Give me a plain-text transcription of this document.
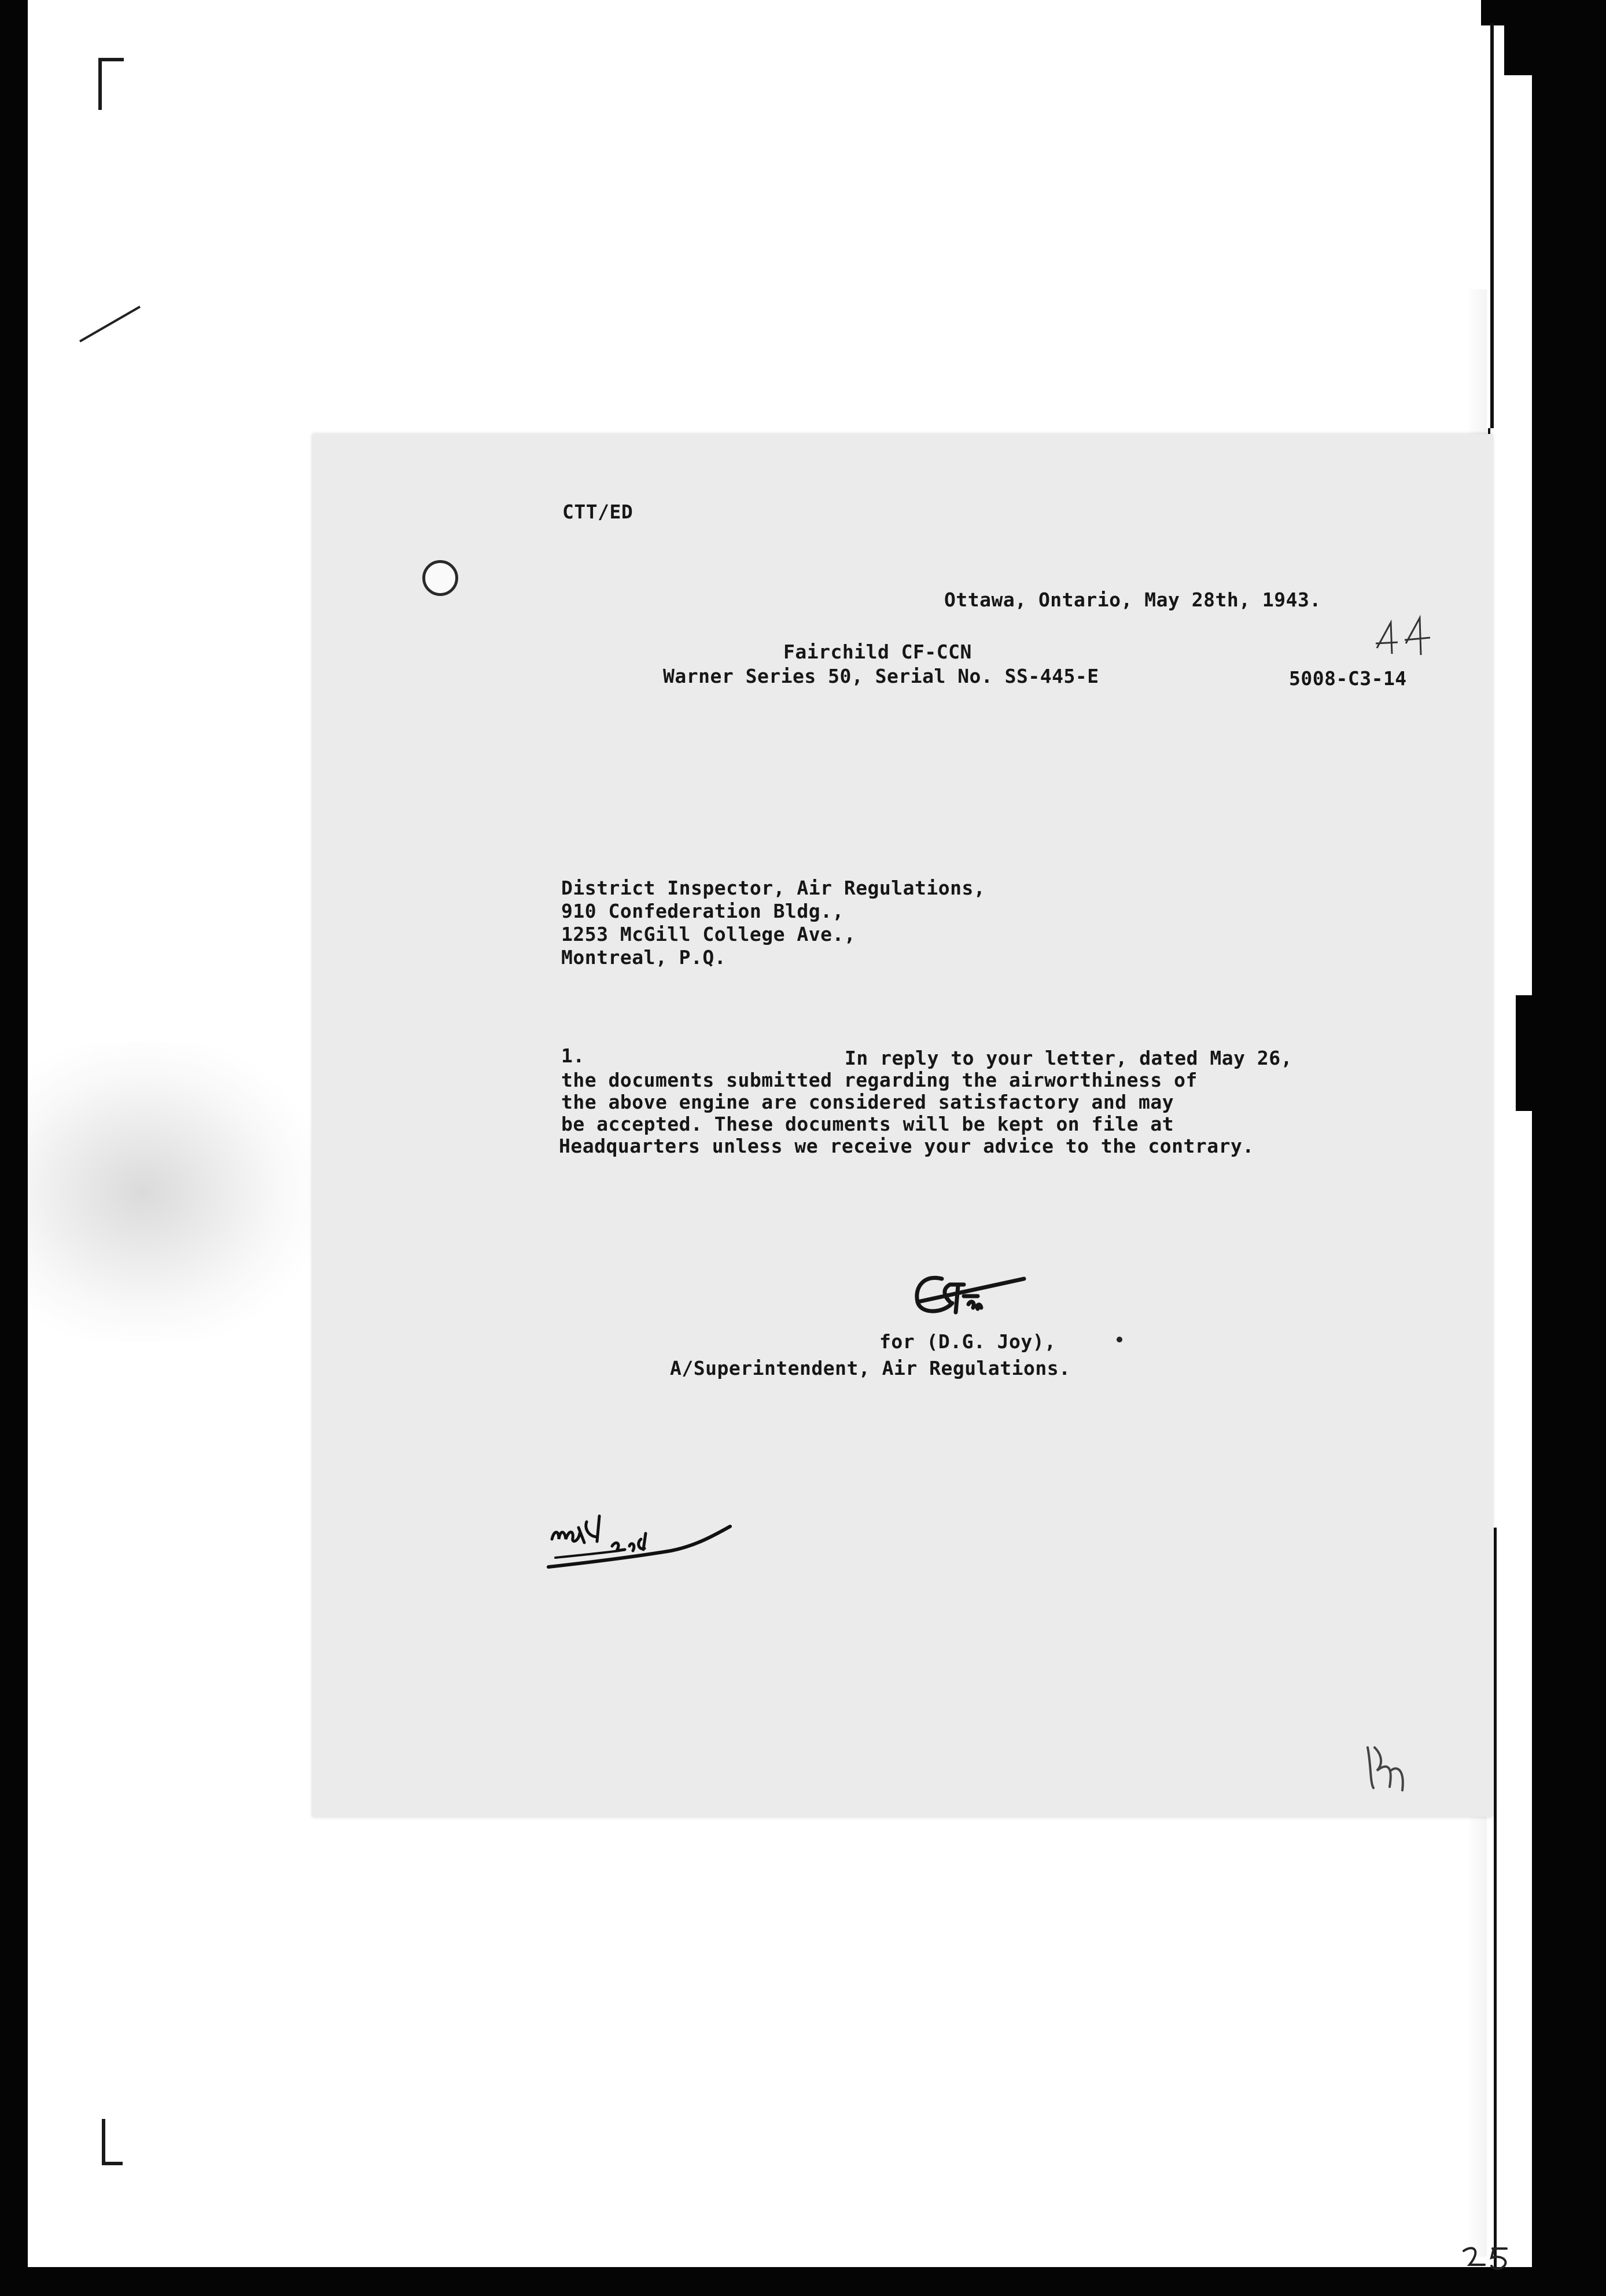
CTT/ED
Ottawa, Ontario, May 28th, 1943.
Fairchild CF-CCN
Warner Series 50, Serial No. SS-445-E	5008-C3-14
District Inspector, Air Regulations,
910 Confederation Bldg.,
1253 McGill College Ave.,
Montreal, P.Q.
1.	In reply to your letter, dated May 26,
the documents submitted regarding the airworthiness of
the above engine are considered satisfactory and may
be accepted. These documents will be kept on file at
Headquarters unless we receive your advice to the contrary.
for (D.G. Joy),
A/Superintendent, Air Regulations.
